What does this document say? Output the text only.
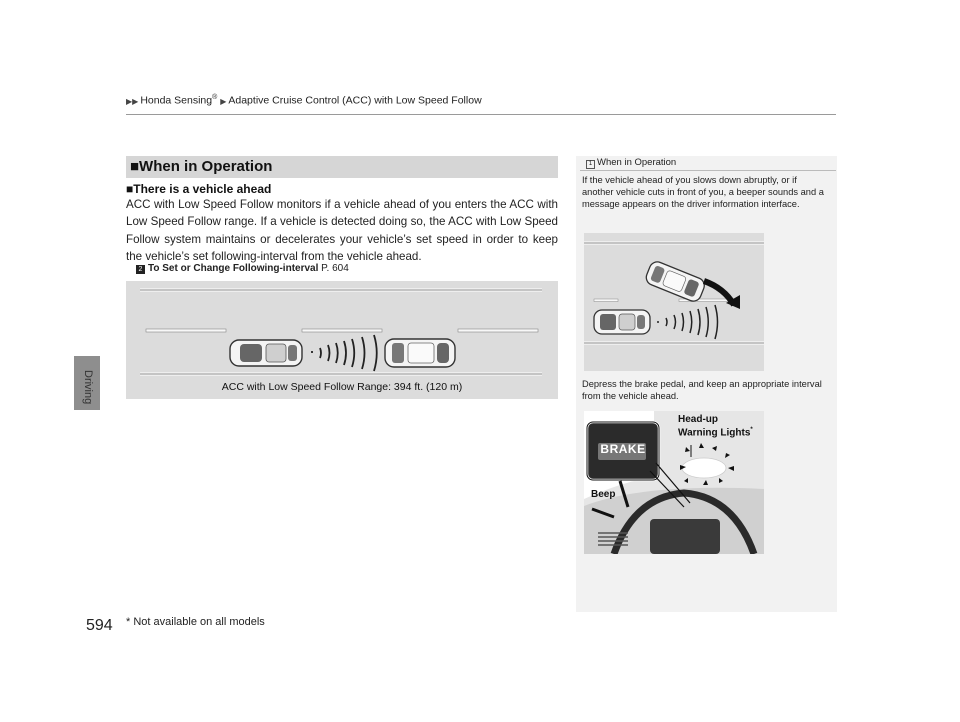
▶▶ Honda Sensing® ▶ Adaptive Cruise Control (ACC) with Low Speed Follow
Driving
594 * Not available on all models
■When in Operation
■There is a vehicle ahead
ACC with Low Speed Follow monitors if a vehicle ahead of you enters the ACC with Low Speed Follow range. If a vehicle is detected doing so, the ACC with Low Speed Follow system maintains or decelerates your vehicle’s set speed in order to keep the vehicle’s set following-interval from the vehicle ahead.
2 To Set or Change Following-interval P. 604
ACC with Low Speed Follow Range: 394 ft. (120 m)
1 When in Operation
If the vehicle ahead of you slows down abruptly, or if another vehicle cuts in front of you, a beeper sounds and a message appears on the driver information interface.
Depress the brake pedal, and keep an appropriate interval from the vehicle ahead.
BRAKE
Head-up
Warning Lights*
Beep
